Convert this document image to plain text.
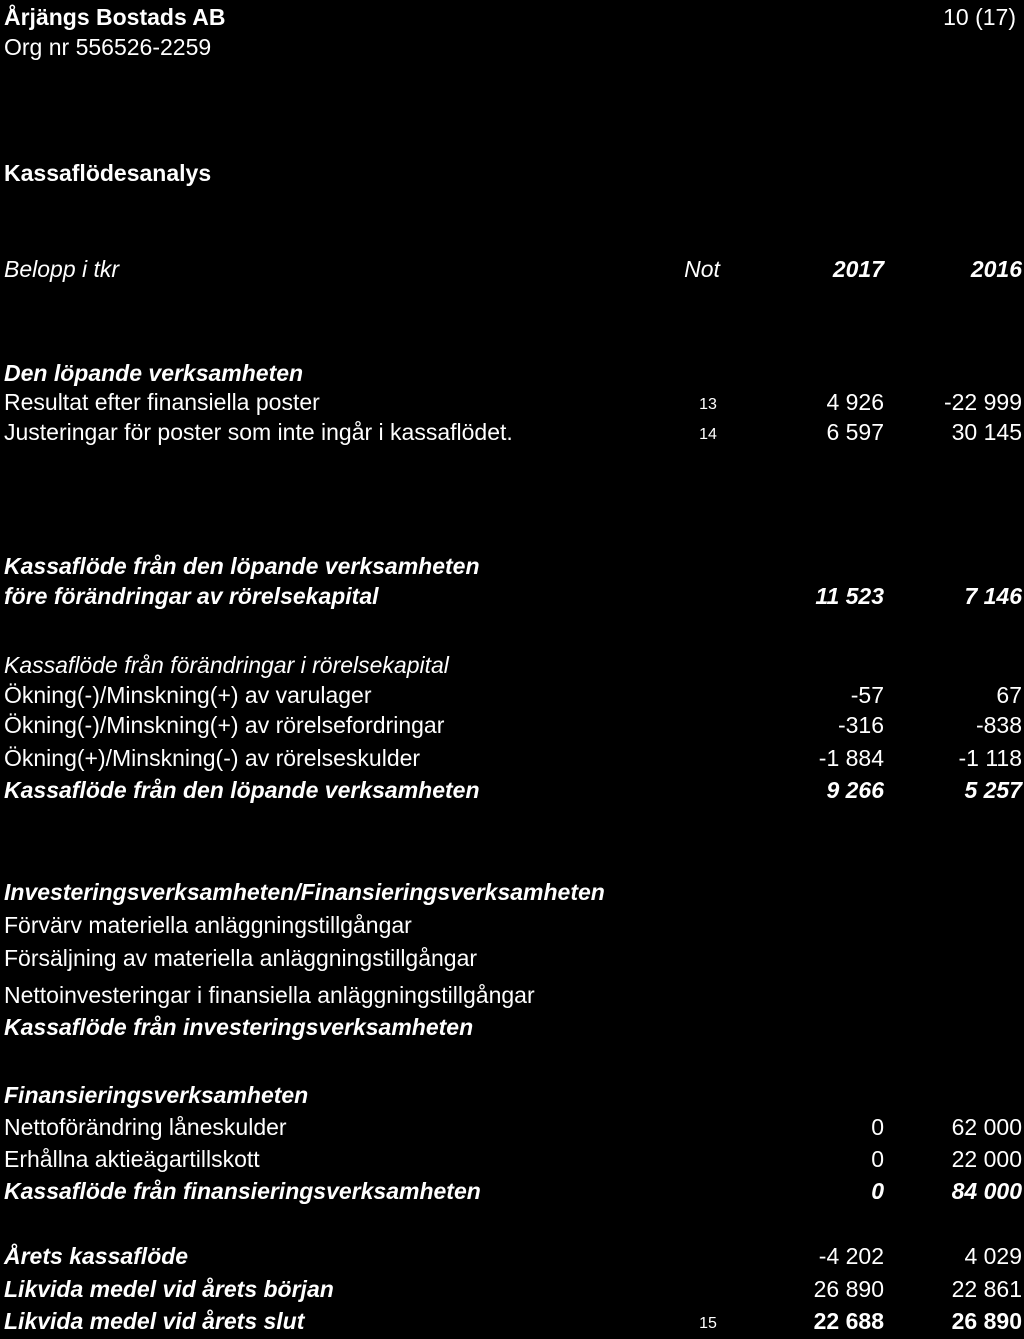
Årjängs Bostads AB
Org nr 556526-2259
10 (17)
Kassaflödesanalys
Belopp i tkr	Not	2017	2016
Den löpande verksamheten
Resultat efter finansiella poster	13	4 926	-22 999
Justeringar för poster som inte ingår i kassaflödet.	14	6 597	30 145
Kassaflöde från den löpande verksamheten
före förändringar av rörelsekapital	11 523	7 146
Kassaflöde från förändringar i rörelsekapital
Ökning(-)/Minskning(+) av varulager	-57	67
Ökning(-)/Minskning(+) av rörelsefordringar	-316	-838
Ökning(+)/Minskning(-) av rörelseskulder	-1 884	-1 118
Kassaflöde från den löpande verksamheten	9 266	5 257
Investeringsverksamheten/Finansieringsverksamheten
Förvärv materiella anläggningstillgångar
Försäljning av materiella anläggningstillgångar
Nettoinvesteringar i finansiella anläggningstillgångar
Kassaflöde från investeringsverksamheten
Finansieringsverksamheten
Nettoförändring låneskulder	0	62 000
Erhållna aktieägartillskott	0	22 000
Kassaflöde från finansieringsverksamheten	0	84 000
Årets kassaflöde	-4 202	4 029
Likvida medel vid årets början	26 890	22 861
Likvida medel vid årets slut	15	22 688	26 890
